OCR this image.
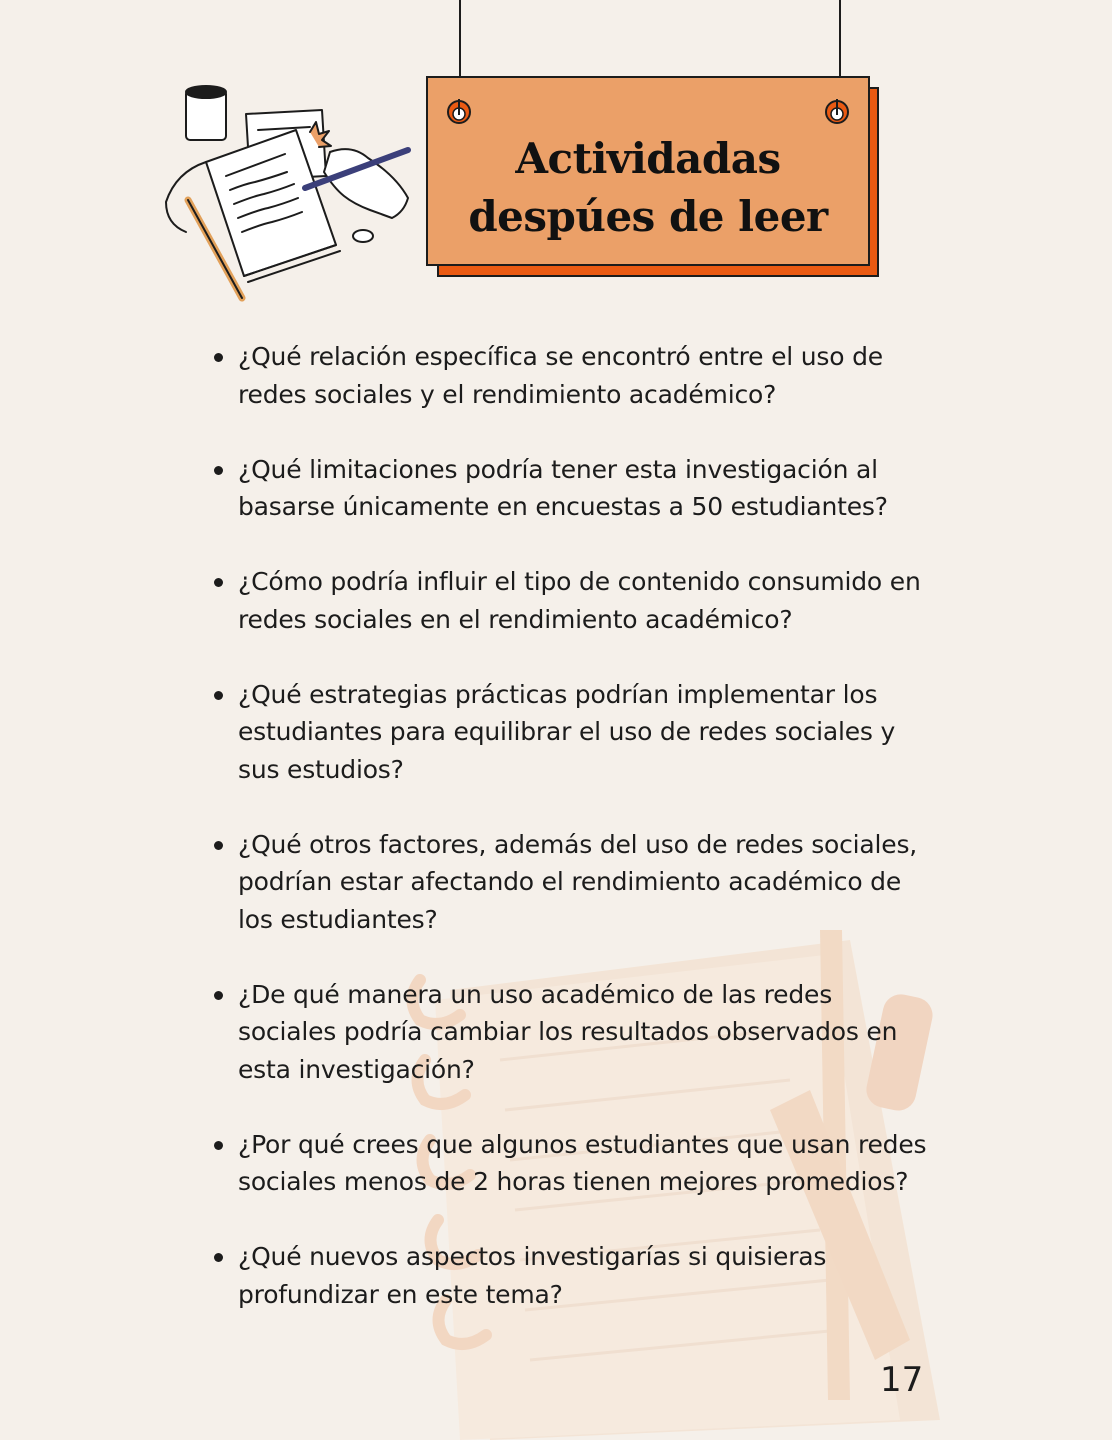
Actividadas
despúes de leer
¿Qué relación específica se encontró entre el uso de redes sociales y el rendimiento académico?
¿Qué limitaciones podría tener esta investigación al basarse únicamente en encuestas a 50 estudiantes?
¿Cómo podría influir el tipo de contenido consumido en redes sociales en el rendimiento académico?
¿Qué estrategias prácticas podrían implementar los estudiantes para equilibrar el uso de redes sociales y sus estudios?
¿Qué otros factores, además del uso de redes sociales, podrían estar afectando el rendimiento académico de los estudiantes?
¿De qué manera un uso académico de las redes sociales podría cambiar los resultados observados en esta investigación?
¿Por qué crees que algunos estudiantes que usan redes sociales menos de 2 horas tienen mejores promedios?
¿Qué nuevos aspectos investigarías si quisieras profundizar en este tema?
17
